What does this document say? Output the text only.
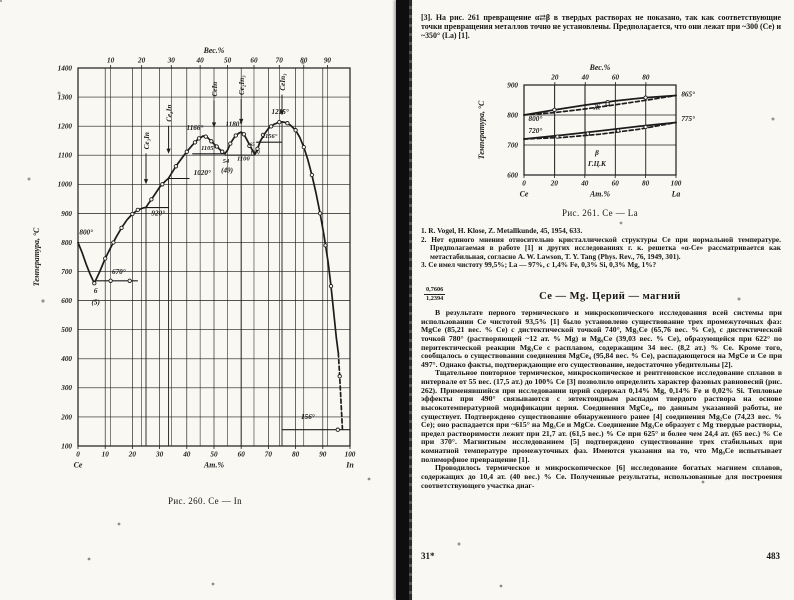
100
200
300
400
500
600
700
800
900
1000
1100
1200
1300
1400
0	10	20	30	40	50	60	70	80	90	100
10	20	30	40	50	60	70 80 90
Ce₃In
Ce₂In
CeIn	Ce₂In₃	CeIn₃
800°
670°
6
(5)
920°
1020°
1105°
1166°
54
(49)
1180°
1100
65
(60)
1156°
1215°
156°
Вес.%
Ат.%
Ce	In
Температура, °С
Рис. 260. Ce — In
[3]. На рис. 261 превращение α⇄β в твердых растворах не показано, так как соответствующие точки превращения металлов точно не установлены. Предполагается, что они лежат при ~300 (Ce) и ~350° (La) [1].
600
700
800
900
0	20	40	60	80	100
20	40	60	80
800°
720°
865°
775°
Ж
β
Г.Ц.К
Вес.%
Ат.%
Ce	La
Температура, °С
Рис. 261. Ce — La
1. R. Vogel, H. Klose, Z. Metallkunde, 45, 1954, 633.
2. Нет единого мнения относительно кристаллической структуры Ce при нормальной температуре. Предполагаемая в работе [1] и других исследованиях г. к. решетка «α-Ce» рассматривается как метастабильная, согласно A. W. Lawson, T. Y. Tang (Phys. Rev., 76, 1949, 301).
3. Ce имел чистоту 99,5%; La — 97%, с 1,4% Fe, 0,3% Si, 0,3% Mg, 1%?
$\frac{0,7606}{1,2394}$	Ce — Mg. Церий — магний

В результате первого термического и микроскопического исследования всей системы при использовании Ce чистотой 93,5% [1] было установлено существование трех промежуточных фаз: MgCe (85,21 вес. % Ce) с дистектической точкой 740°, Mg₃Ce (65,76 вес. % Ce), с дистектической точкой 780° (растворяющей ~12 ат. % Mg) и Mg₉Ce (39,03 вес. % Ce), образующейся при 622° по перитектической реакции Mg₃Ce с расплавом, содержащим 34 вес. (8,2 ат.) % Ce. Кроме того, сообщалось о существовании соединения MgCe₄ (95,84 вес. % Ce), распадающегося на MgCe и Ce при 497°. Однако факты, подтверждающие его существование, недостаточно убедительны [2].

Тщательное повторное термическое, микроскопическое и рентгеновское исследование сплавов в интервале от 55 вес. (17,5 ат.) до 100% Ce [3] позволило определить характер фазовых равновесий (рис. 262). Применявшийся при исследовании церий содержал 0,14% Mg, 0,14% Fe и 0,02% Si. Тепловые эффекты при 490° связываются с эвтектоидным распадом твердого раствора на основе высокотемпературной модификации церия. Соединения MgCe₄, по данным указанной работы, не существует. Подтверждено существование обнаруженного ранее [4] соединения Mg₂Ce (74,23 вес. % Ce); оно распадается при ~615° на Mg₃Ce и MgCe. Соединение Mg₃Ce образует с Mg твердые растворы, предел растворимости лежит при 21,7 ат. (61,5 вес.) % Ce при 625° и более чем 24,4 ат. (65 вес.) % Ce при 370°. Магнитным исследованием [5] подтверждено существование трех стабильных при комнатной температуре промежуточных фаз. Имеются указания на то, что Mg₉Ce испытывает полиморфное превращение [1].

Проводилось термическое и микроскопическое [6] исследование богатых магнием сплавов, содержащих до 10,4 ат. (40 вес.) % Ce. Полученные результаты, использованные для построения соответствующего участка диаг-

31*	483
